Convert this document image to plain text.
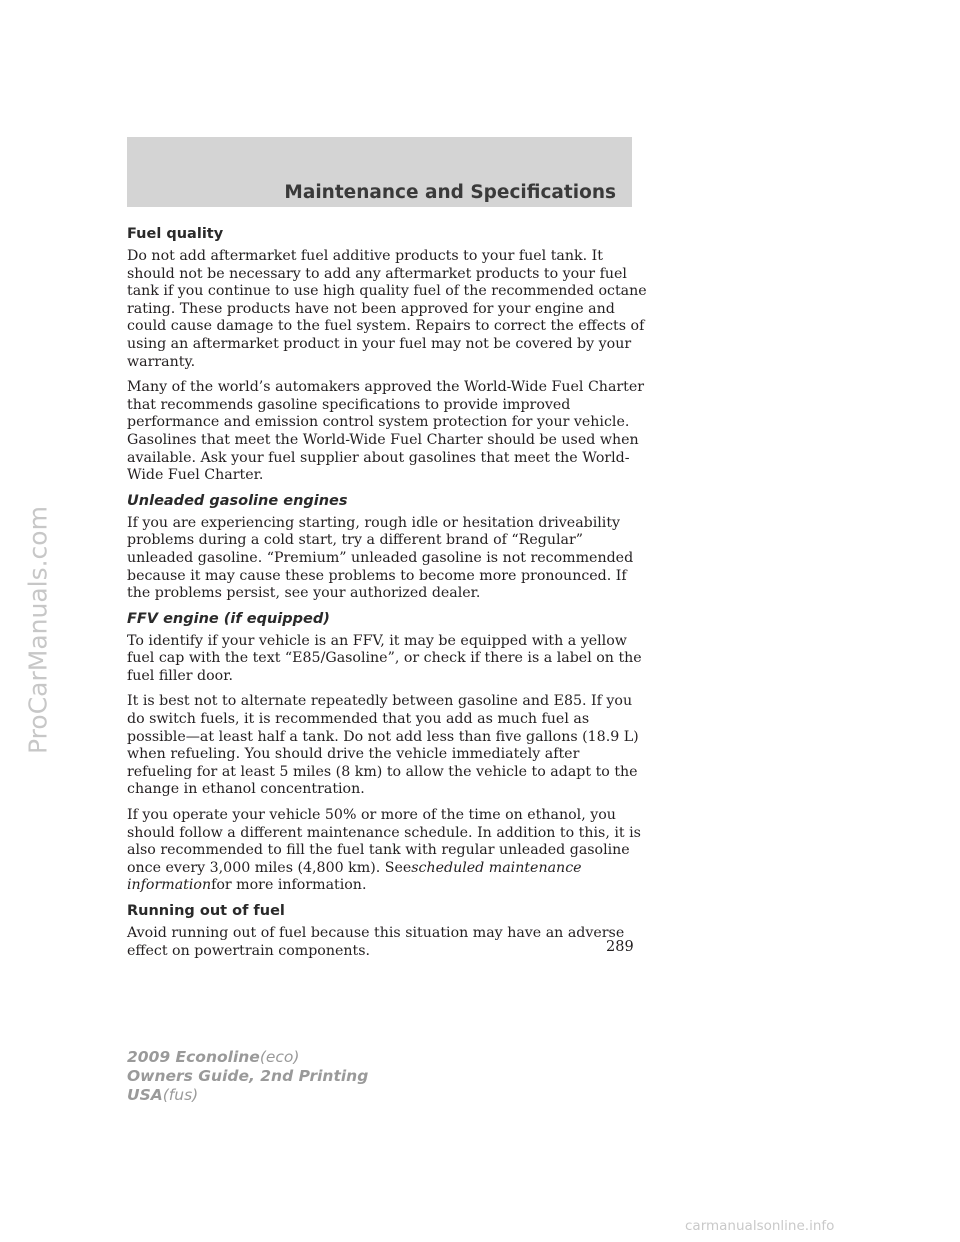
Maintenance and Specifications
Fuel quality

Do not add aftermarket fuel additive products to your fuel tank. It should not be necessary to add any aftermarket products to your fuel tank if you continue to use high quality fuel of the recommended octane rating. These products have not been approved for your engine and could cause damage to the fuel system. Repairs to correct the effects of using an aftermarket product in your fuel may not be covered by your warranty.

Many of the world’s automakers approved the World-Wide Fuel Charter that recommends gasoline specifications to provide improved performance and emission control system protection for your vehicle. Gasolines that meet the World-Wide Fuel Charter should be used when available. Ask your fuel supplier about gasolines that meet the World-Wide Fuel Charter.

Unleaded gasoline engines

If you are experiencing starting, rough idle or hesitation driveability problems during a cold start, try a different brand of “Regular” unleaded gasoline. “Premium” unleaded gasoline is not recommended because it may cause these problems to become more pronounced. If the problems persist, see your authorized dealer.

FFV engine (if equipped)

To identify if your vehicle is an FFV, it may be equipped with a yellow fuel cap with the text “E85/Gasoline”, or check if there is a label on the fuel filler door.

It is best not to alternate repeatedly between gasoline and E85. If you do switch fuels, it is recommended that you add as much fuel as possible—at least half a tank. Do not add less than five gallons (18.9 L) when refueling. You should drive the vehicle immediately after refueling for at least 5 miles (8 km) to allow the vehicle to adapt to the change in ethanol concentration.

If you operate your vehicle 50% or more of the time on ethanol, you should follow a different maintenance schedule. In addition to this, it is also recommended to fill the fuel tank with regular unleaded gasoline once every 3,000 miles (4,800 km). Seescheduled maintenance informationfor more information.

Running out of fuel

Avoid running out of fuel because this situation may have an adverse effect on powertrain components.	289
2009 Econoline(eco)
Owners Guide, 2nd Printing
USA(fus)
ProCarManuals.com
carmanualsonline.info
